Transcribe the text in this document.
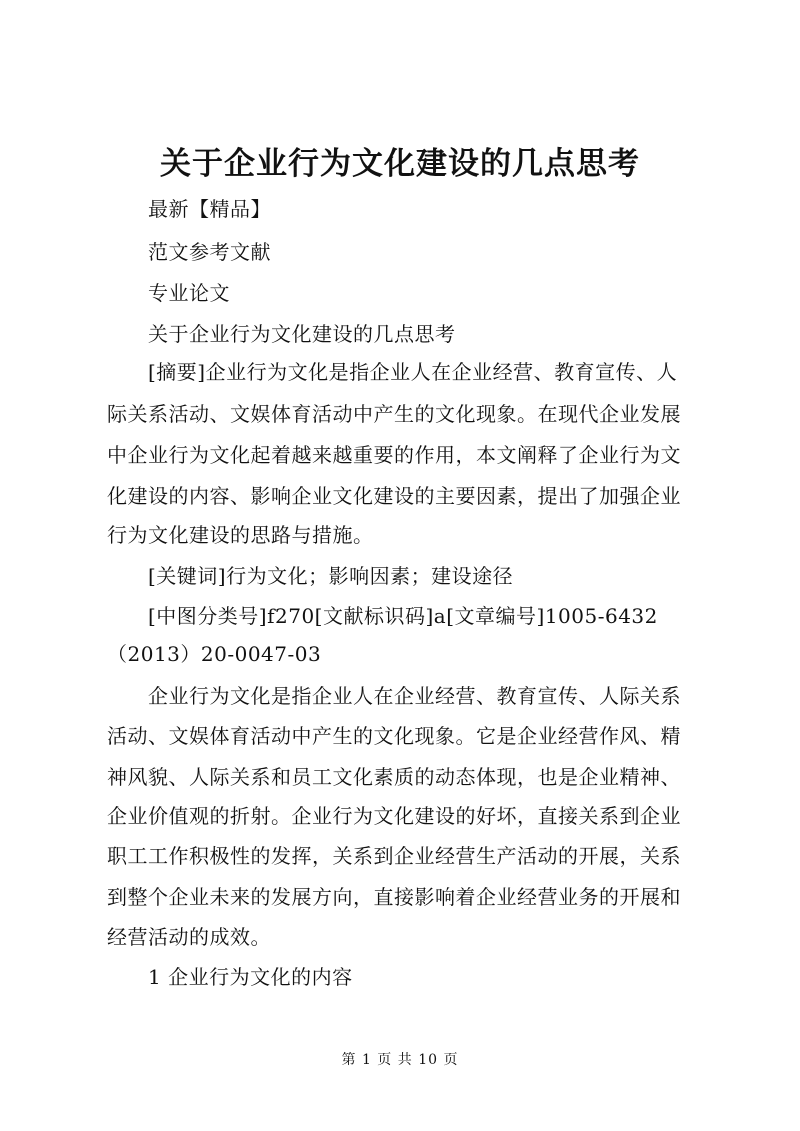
关于企业行为文化建设的几点思考
最新【精品】
范文参考文献
专业论文
关于企业行为文化建设的几点思考
[摘要]企业行为文化是指企业人在企业经营、教育宣传、人
际关系活动、文娱体育活动中产生的文化现象。在现代企业发展
中企业行为文化起着越来越重要的作用，本文阐释了企业行为文
化建设的内容、影响企业文化建设的主要因素，提出了加强企业
行为文化建设的思路与措施。
[关键词]行为文化；影响因素；建设途径
[中图分类号]f270[文献标识码]a[文章编号]1005-6432
（2013）20-0047-03
企业行为文化是指企业人在企业经营、教育宣传、人际关系
活动、文娱体育活动中产生的文化现象。它是企业经营作风、精
神风貌、人际关系和员工文化素质的动态体现，也是企业精神、
企业价值观的折射。企业行为文化建设的好坏，直接关系到企业
职工工作积极性的发挥，关系到企业经营生产活动的开展，关系
到整个企业未来的发展方向，直接影响着企业经营业务的开展和
经营活动的成效。
1 企业行为文化的内容
第 1 页 共 10 页
